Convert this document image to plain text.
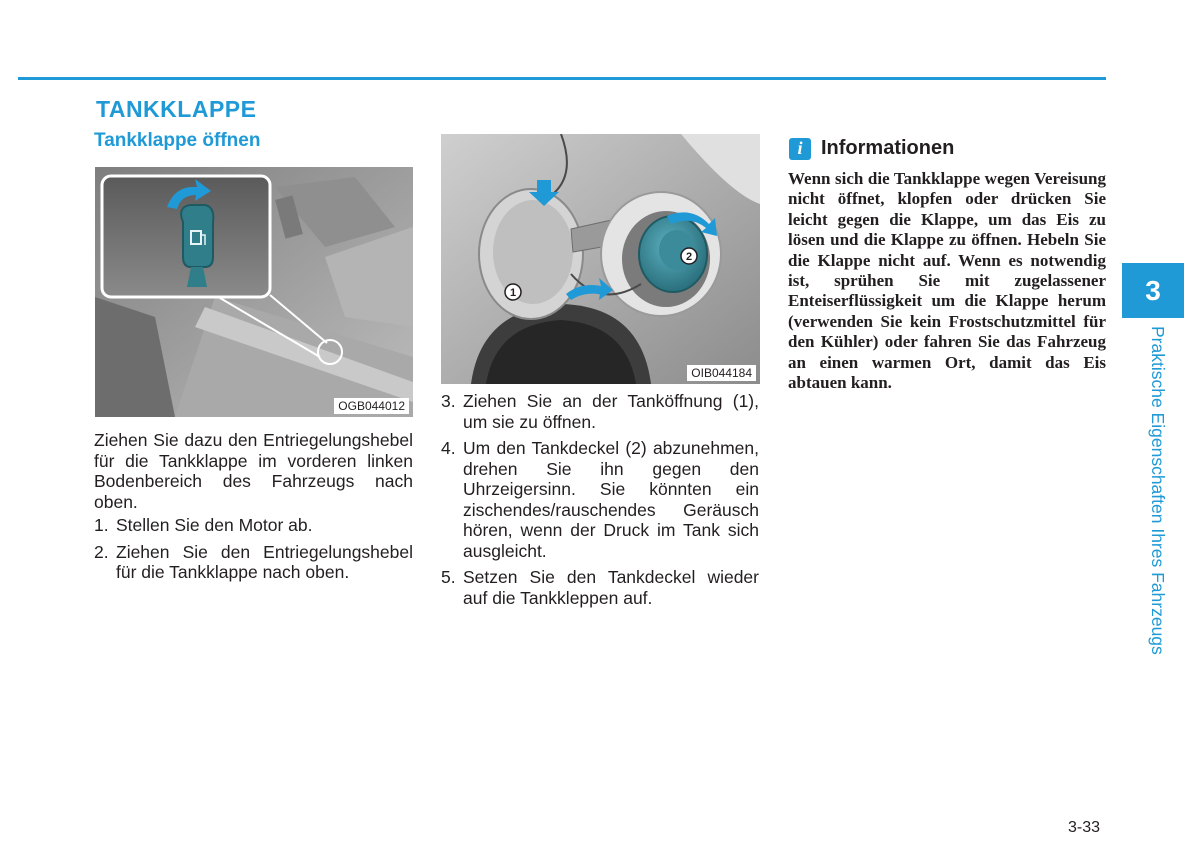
TANKKLAPPE
Tankklappe öffnen
OGB044012
1
2
OIB044184
Ziehen Sie dazu den Entriegelungshebel für die Tankklappe im vorderen linken Bodenbereich des Fahrzeugs nach oben.
1. Stellen Sie den Motor ab.
2. Ziehen Sie den Entriegelungshebel für die Tankklappe nach oben.
3. Ziehen Sie an der Tanköffnung (1), um sie zu öffnen.
4. Um den Tankdeckel (2) abzunehmen, drehen Sie ihn gegen den Uhrzeigersinn. Sie könnten ein zischendes/rauschendes Geräusch hören, wenn der Druck im Tank sich ausgleicht.
5. Setzen Sie den Tankdeckel wieder auf die Tankkleppen auf.
i Informationen
Wenn sich die Tankklappe wegen Vereisung nicht öffnet, klopfen oder drücken Sie leicht gegen die Klappe, um das Eis zu lösen und die Klappe zu öffnen. Hebeln Sie die Klappe nicht auf. Wenn es notwendig ist, sprühen Sie mit zugelassener Enteiserflüssigkeit um die Klappe herum (verwenden Sie kein Frostschutzmittel für den Kühler) oder fahren Sie das Fahrzeug an einen warmen Ort, damit das Eis abtauen kann.
3
Praktische Eigenschaften Ihres Fahrzeugs
3-33
